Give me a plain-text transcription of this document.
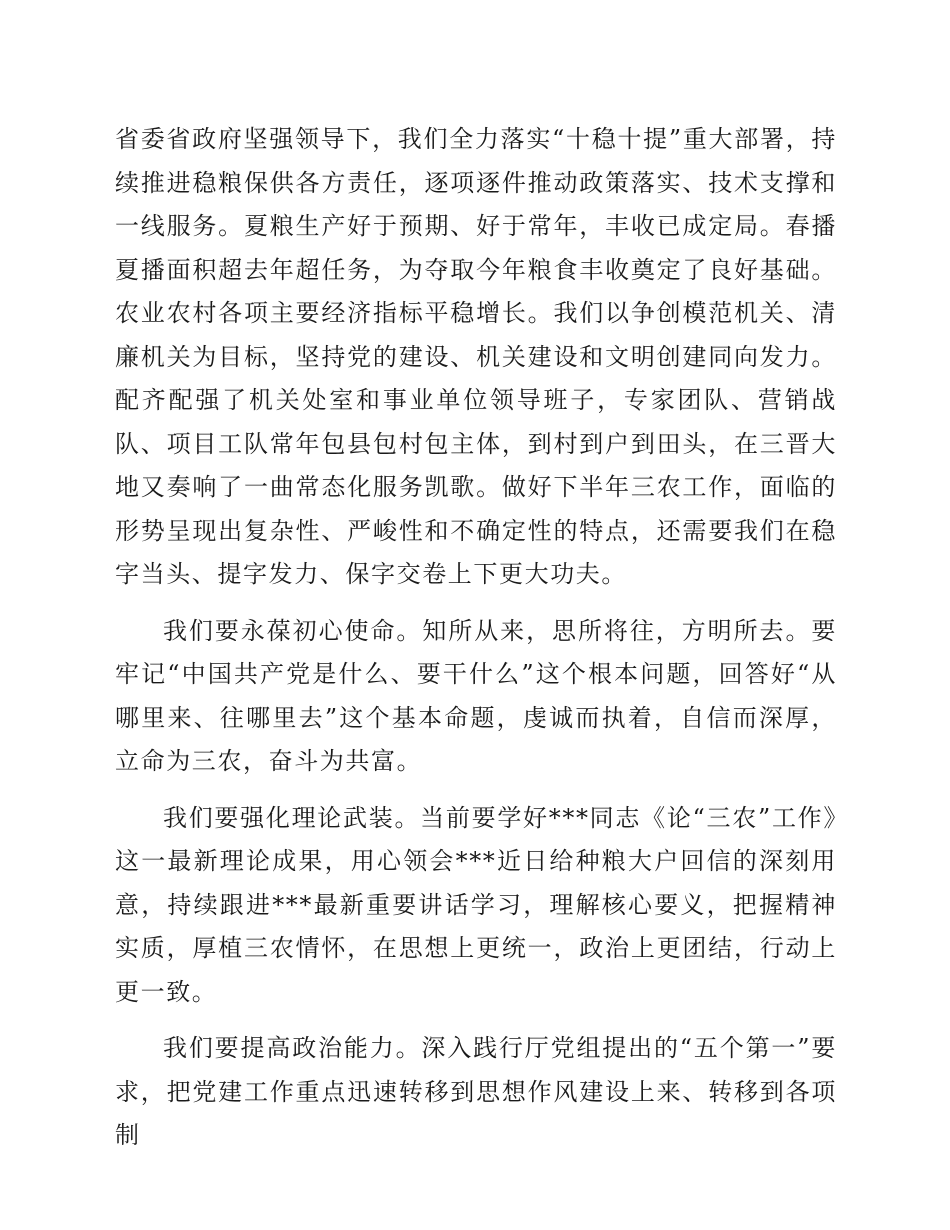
省委省政府坚强领导下，我们全力落实“十稳十提”重大部署，持续推进稳粮保供各方责任，逐项逐件推动政策落实、技术支撑和一线服务。夏粮生产好于预期、好于常年，丰收已成定局。春播夏播面积超去年超任务，为夺取今年粮食丰收奠定了良好基础。农业农村各项主要经济指标平稳增长。我们以争创模范机关、清廉机关为目标，坚持党的建设、机关建设和文明创建同向发力。配齐配强了机关处室和事业单位领导班子，专家团队、营销战队、项目工队常年包县包村包主体，到村到户到田头，在三晋大地又奏响了一曲常态化服务凯歌。做好下半年三农工作，面临的形势呈现出复杂性、严峻性和不确定性的特点，还需要我们在稳字当头、提字发力、保字交卷上下更大功夫。

我们要永葆初心使命。知所从来，思所将往，方明所去。要牢记“中国共产党是什么、要干什么”这个根本问题，回答好“从哪里来、往哪里去”这个基本命题，虔诚而执着，自信而深厚，立命为三农，奋斗为共富。

我们要强化理论武装。当前要学好***同志《论“三农”工作》这一最新理论成果，用心领会***近日给种粮大户回信的深刻用意，持续跟进***最新重要讲话学习，理解核心要义，把握精神实质，厚植三农情怀，在思想上更统一，政治上更团结，行动上更一致。

我们要提高政治能力。深入践行厅党组提出的“五个第一”要求，把党建工作重点迅速转移到思想作风建设上来、转移到各项制
